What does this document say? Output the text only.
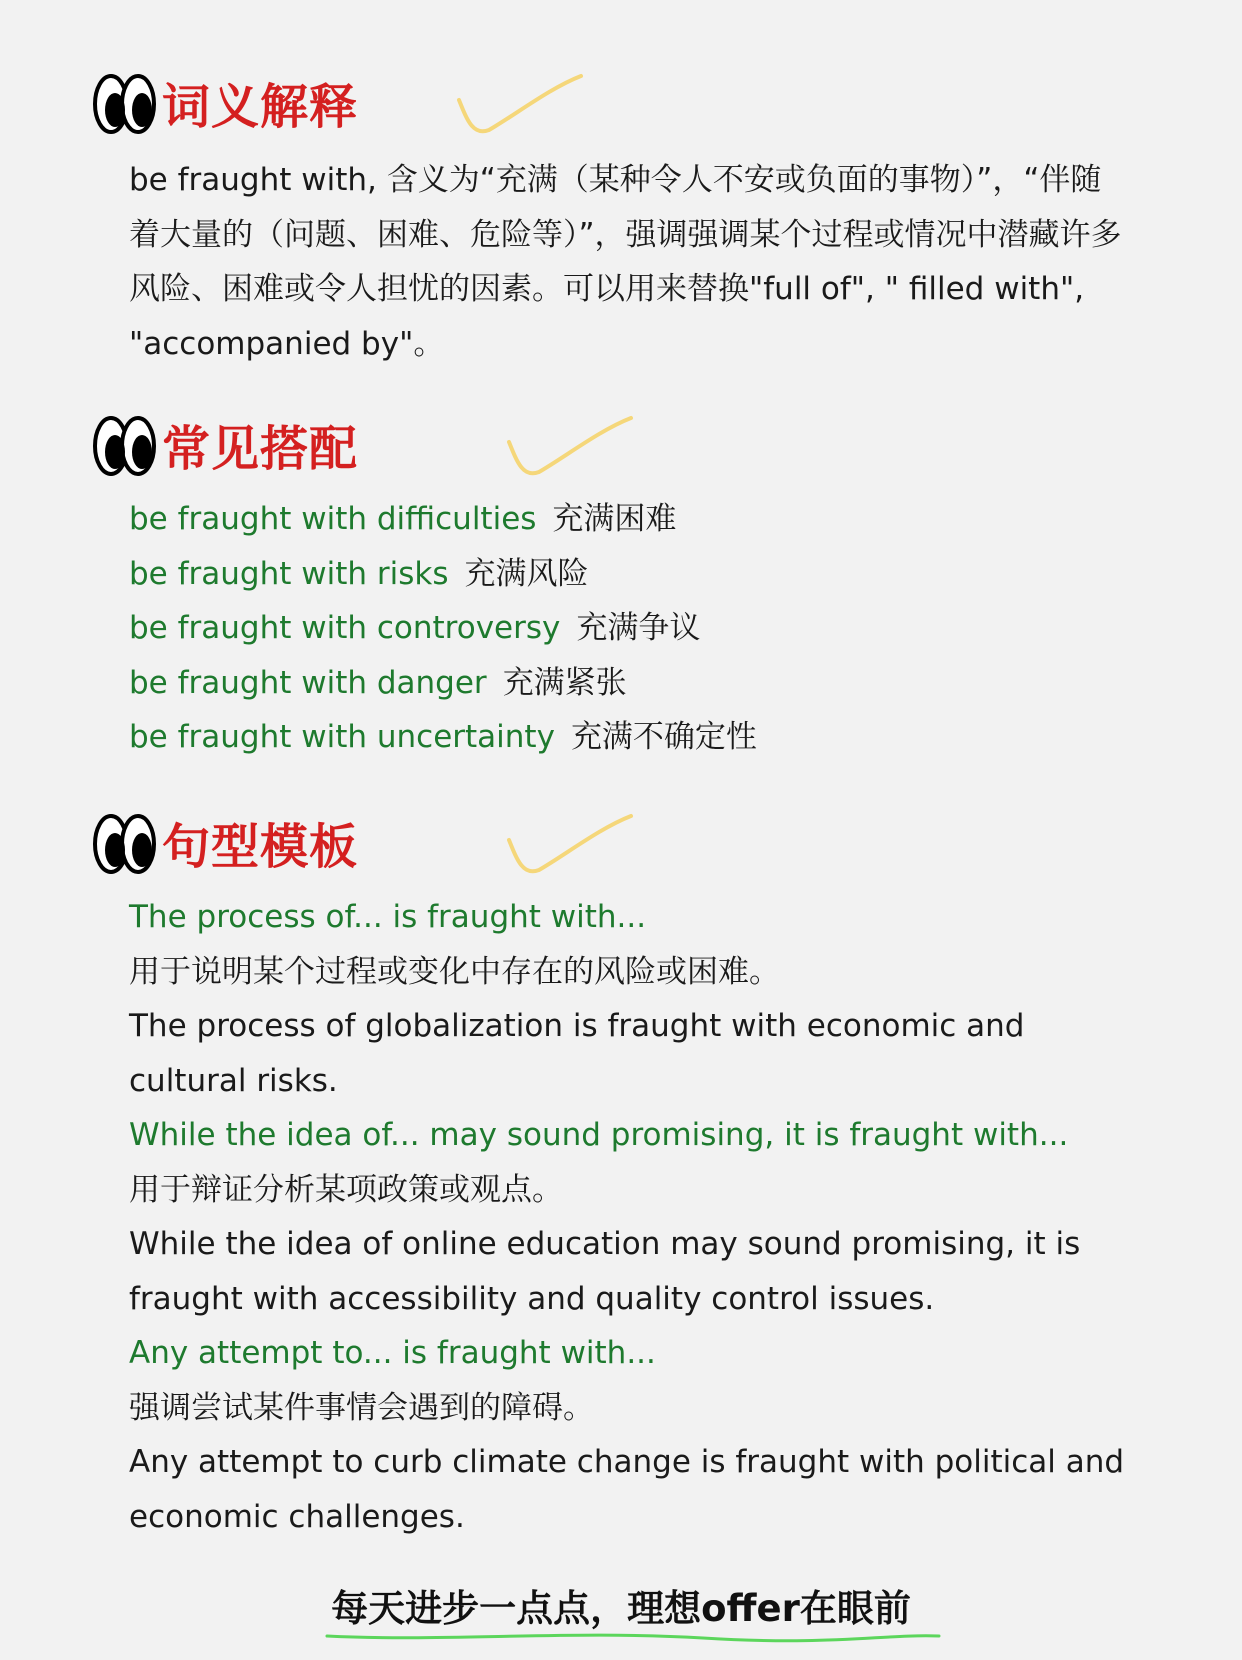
词义解释

be fraught with, 含义为“充满（某种令人不安或负面的事物）”，“伴随着大量的（问题、困难、危险等）”，强调强调某个过程或情况中潜藏许多风险、困难或令人担忧的因素。可以用来替换"full of", " filled with", "accompanied by"。

常见搭配
be fraught with difficulties 充满困难
be fraught with risks 充满风险
be fraught with controversy 充满争议
be fraught with danger 充满紧张
be fraught with uncertainty 充满不确定性
句型模板
The process of... is fraught with...
用于说明某个过程或变化中存在的风险或困难。
The process of globalization is fraught with economic and cultural risks.
While the idea of... may sound promising, it is fraught with...
用于辩证分析某项政策或观点。
While the idea of online education may sound promising, it is fraught with accessibility and quality control issues.
Any attempt to... is fraught with...
强调尝试某件事情会遇到的障碍。
Any attempt to curb climate change is fraught with political and economic challenges.
每天进步一点点，理想offer在眼前
